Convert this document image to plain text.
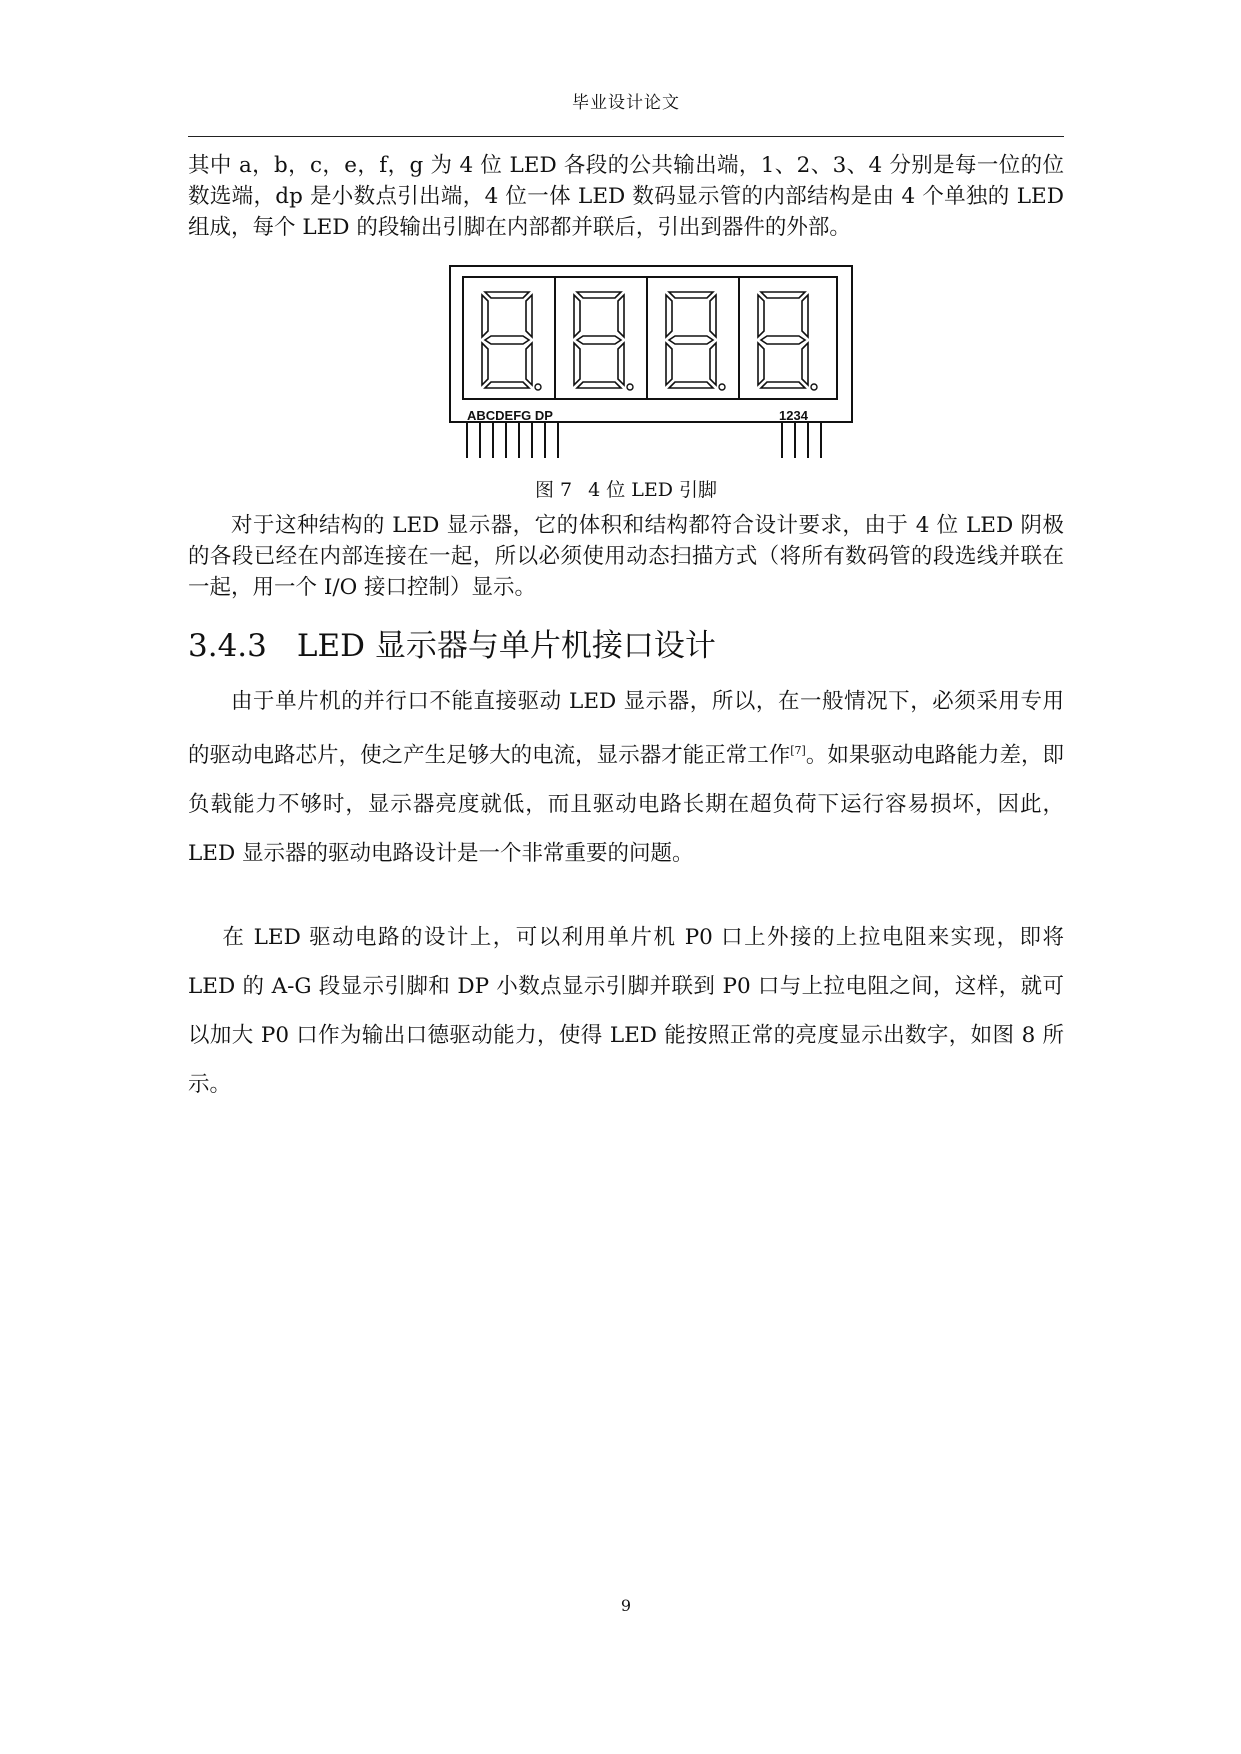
毕业设计论文

其中 a，b，c，e，f，g 为 4 位 LED 各段的公共输出端，1、2、3、4 分别是每一位的位数选端，dp 是小数点引出端，4 位一体 LED 数码显示管的内部结构是由 4 个单独的 LED 组成，每个 LED 的段输出引脚在内部都并联后，引出到器件的外部。

ABCDEFG DP	1234
图 7 4 位 LED 引脚

对于这种结构的 LED 显示器，它的体积和结构都符合设计要求，由于 4 位 LED 阴极的各段已经在内部连接在一起，所以必须使用动态扫描方式（将所有数码管的段选线并联在一起，用一个 I/O 接口控制）显示。

3.4.3 LED 显示器与单片机接口设计

由于单片机的并行口不能直接驱动 LED 显示器，所以，在一般情况下，必须采用专用的驱动电路芯片，使之产生足够大的电流，显示器才能正常工作[7]。如果驱动电路能力差，即负载能力不够时，显示器亮度就低，而且驱动电路长期在超负荷下运行容易损坏，因此，LED 显示器的驱动电路设计是一个非常重要的问题。

在 LED 驱动电路的设计上，可以利用单片机 P0 口上外接的上拉电阻来实现，即将 LED 的 A-G 段显示引脚和 DP 小数点显示引脚并联到 P0 口与上拉电阻之间，这样，就可以加大 P0 口作为输出口德驱动能力，使得 LED 能按照正常的亮度显示出数字，如图 8 所示。

9
